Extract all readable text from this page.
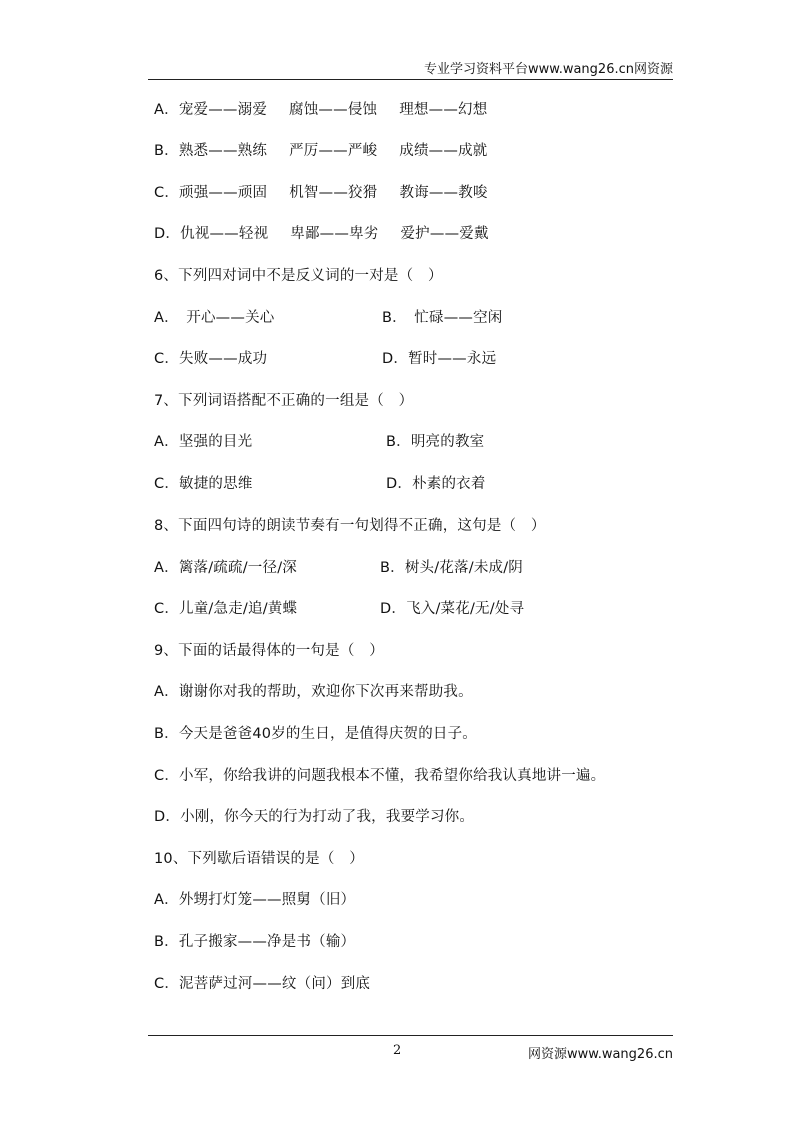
专业学习资料平台www.wang26.cn网资源
A．宠爱——溺爱 腐蚀——侵蚀 理想——幻想
B．熟悉——熟练 严厉——严峻 成绩——成就
C．顽强——顽固 机智——狡猾 教诲——教唆
D．仇视——轻视 卑鄙——卑劣 爱护——爱戴
6、下列四对词中不是反义词的一对是（　）
A．　开心——关心	B．　忙碌——空闲
C．失败——成功	D．暂时——永远
7、下列词语搭配不正确的一组是（　）
A．坚强的目光	B．明亮的教室
C．敏捷的思维	D．朴素的衣着
8、下面四句诗的朗读节奏有一句划得不正确，这句是（　）
A．篱落/疏疏/一径/深	B．树头/花落/未成/阴
C．儿童/急走/追/黄蝶	D．飞入/菜花/无/处寻
9、下面的话最得体的一句是（　）
A．谢谢你对我的帮助，欢迎你下次再来帮助我。
B．今天是爸爸40岁的生日，是值得庆贺的日子。
C．小军，你给我讲的问题我根本不懂，我希望你给我认真地讲一遍。
D．小刚，你今天的行为打动了我，我要学习你。
10、下列歇后语错误的是（　）
A．外甥打灯笼——照舅（旧）
B．孔子搬家——净是书（输）
C．泥菩萨过河——纹（问）到底
2	网资源www.wang26.cn
